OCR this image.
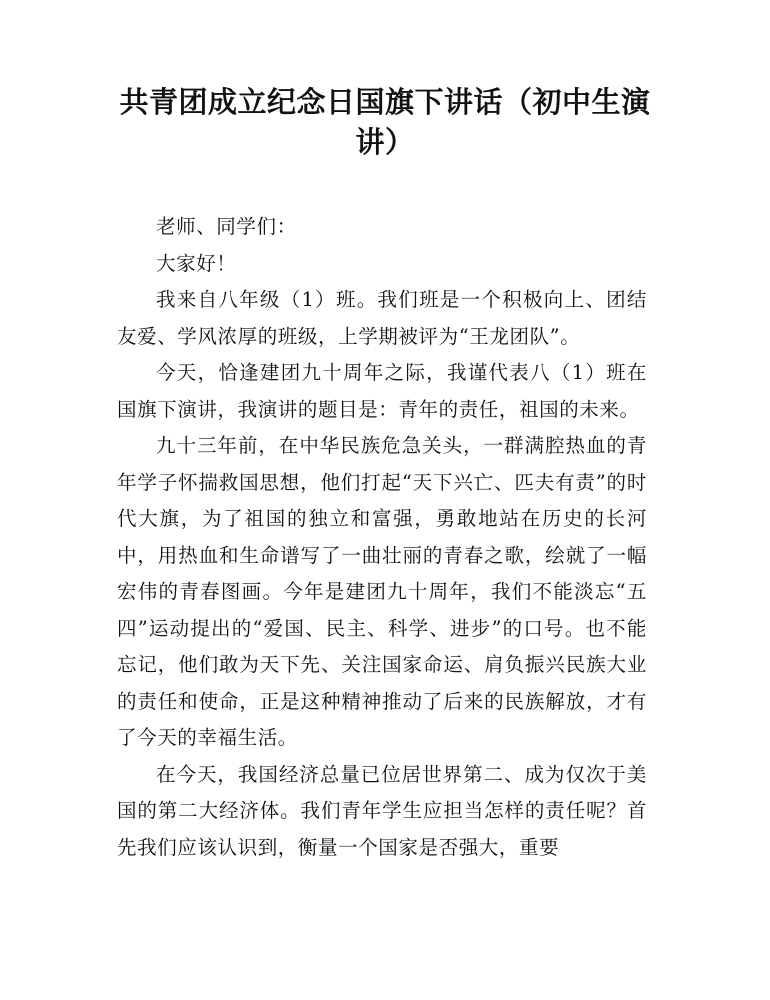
共青团成立纪念日国旗下讲话（初中生演讲）

老师、同学们：

大家好！

我来自八年级（1）班。我们班是一个积极向上、团结友爱、学风浓厚的班级，上学期被评为“王龙团队”。

今天，恰逢建团九十周年之际，我谨代表八（1）班在国旗下演讲，我演讲的题目是：青年的责任，祖国的未来。

九十三年前，在中华民族危急关头，一群满腔热血的青年学子怀揣救国思想，他们打起“天下兴亡、匹夫有责”的时代大旗，为了祖国的独立和富强，勇敢地站在历史的长河中，用热血和生命谱写了一曲壮丽的青春之歌，绘就了一幅宏伟的青春图画。今年是建团九十周年，我们不能淡忘“五四”运动提出的“爱国、民主、科学、进步”的口号。也不能忘记，他们敢为天下先、关注国家命运、肩负振兴民族大业的责任和使命，正是这种精神推动了后来的民族解放，才有了今天的幸福生活。

在今天，我国经济总量已位居世界第二、成为仅次于美国的第二大经济体。我们青年学生应担当怎样的责任呢？首先我们应该认识到，衡量一个国家是否强大，重要
